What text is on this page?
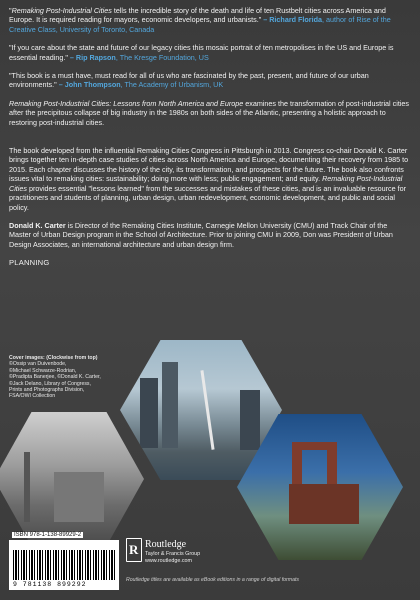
"Remaking Post-Industrial Cities tells the incredible story of the death and life of ten Rustbelt cities across America and Europe. It is required reading for mayors, economic developers, and urbanists." – Richard Florida, author of Rise of the Creative Class, University of Toronto, Canada

"If you care about the state and future of our legacy cities this mosaic portrait of ten metropolises in the US and Europe is essential reading." – Rip Rapson, The Kresge Foundation, US

"This book is a must have, must read for all of us who are fascinated by the past, present, and future of our urban environments." – John Thompson, The Academy of Urbanism, UK

Remaking Post-Industrial Cities: Lessons from North America and Europe examines the transformation of post-industrial cities after the precipitous collapse of big industry in the 1980s on both sides of the Atlantic, presenting a holistic approach to restoring post-industrial cities.

The book developed from the influential Remaking Cities Congress in Pittsburgh in 2013. Congress co-chair Donald K. Carter brings together ten in-depth case studies of cities across North America and Europe, documenting their recovery from 1985 to 2015. Each chapter discusses the history of the city, its transformation, and prospects for the future. The book also confronts issues vital to remaking cities: sustainability; doing more with less; public engagement; and equity. Remaking Post-Industrial Cities provides essential "lessons learned" from the successes and mistakes of these cities, and is an invaluable resource for practitioners and students of planning, urban design, urban redevelopment, economic development, and public and social policy.

Donald K. Carter is Director of the Remaking Cities Institute, Carnegie Mellon University (CMU) and Track Chair of the Master of Urban Design program in the School of Architecture. Prior to joining CMU in 2009, Don was President of Urban Design Associates, an international architecture and urban design firm.

PLANNING

Cover images: (Clockwise from top)
©Ossip van Duivenbode,
©Michael Schwarze-Rodrian,
©Pradipta Banerjee, ©Donald K. Carter,
©Jack Delano, Library of Congress,
Prints and Photographs Division,
FSA/OWI Collection
9 781138 899292
ISBN 978-1-138-89929-2
R Routledge
Taylor & Francis Group
www.routledge.com
Routledge titles are available as eBook editions in a range of digital formats
